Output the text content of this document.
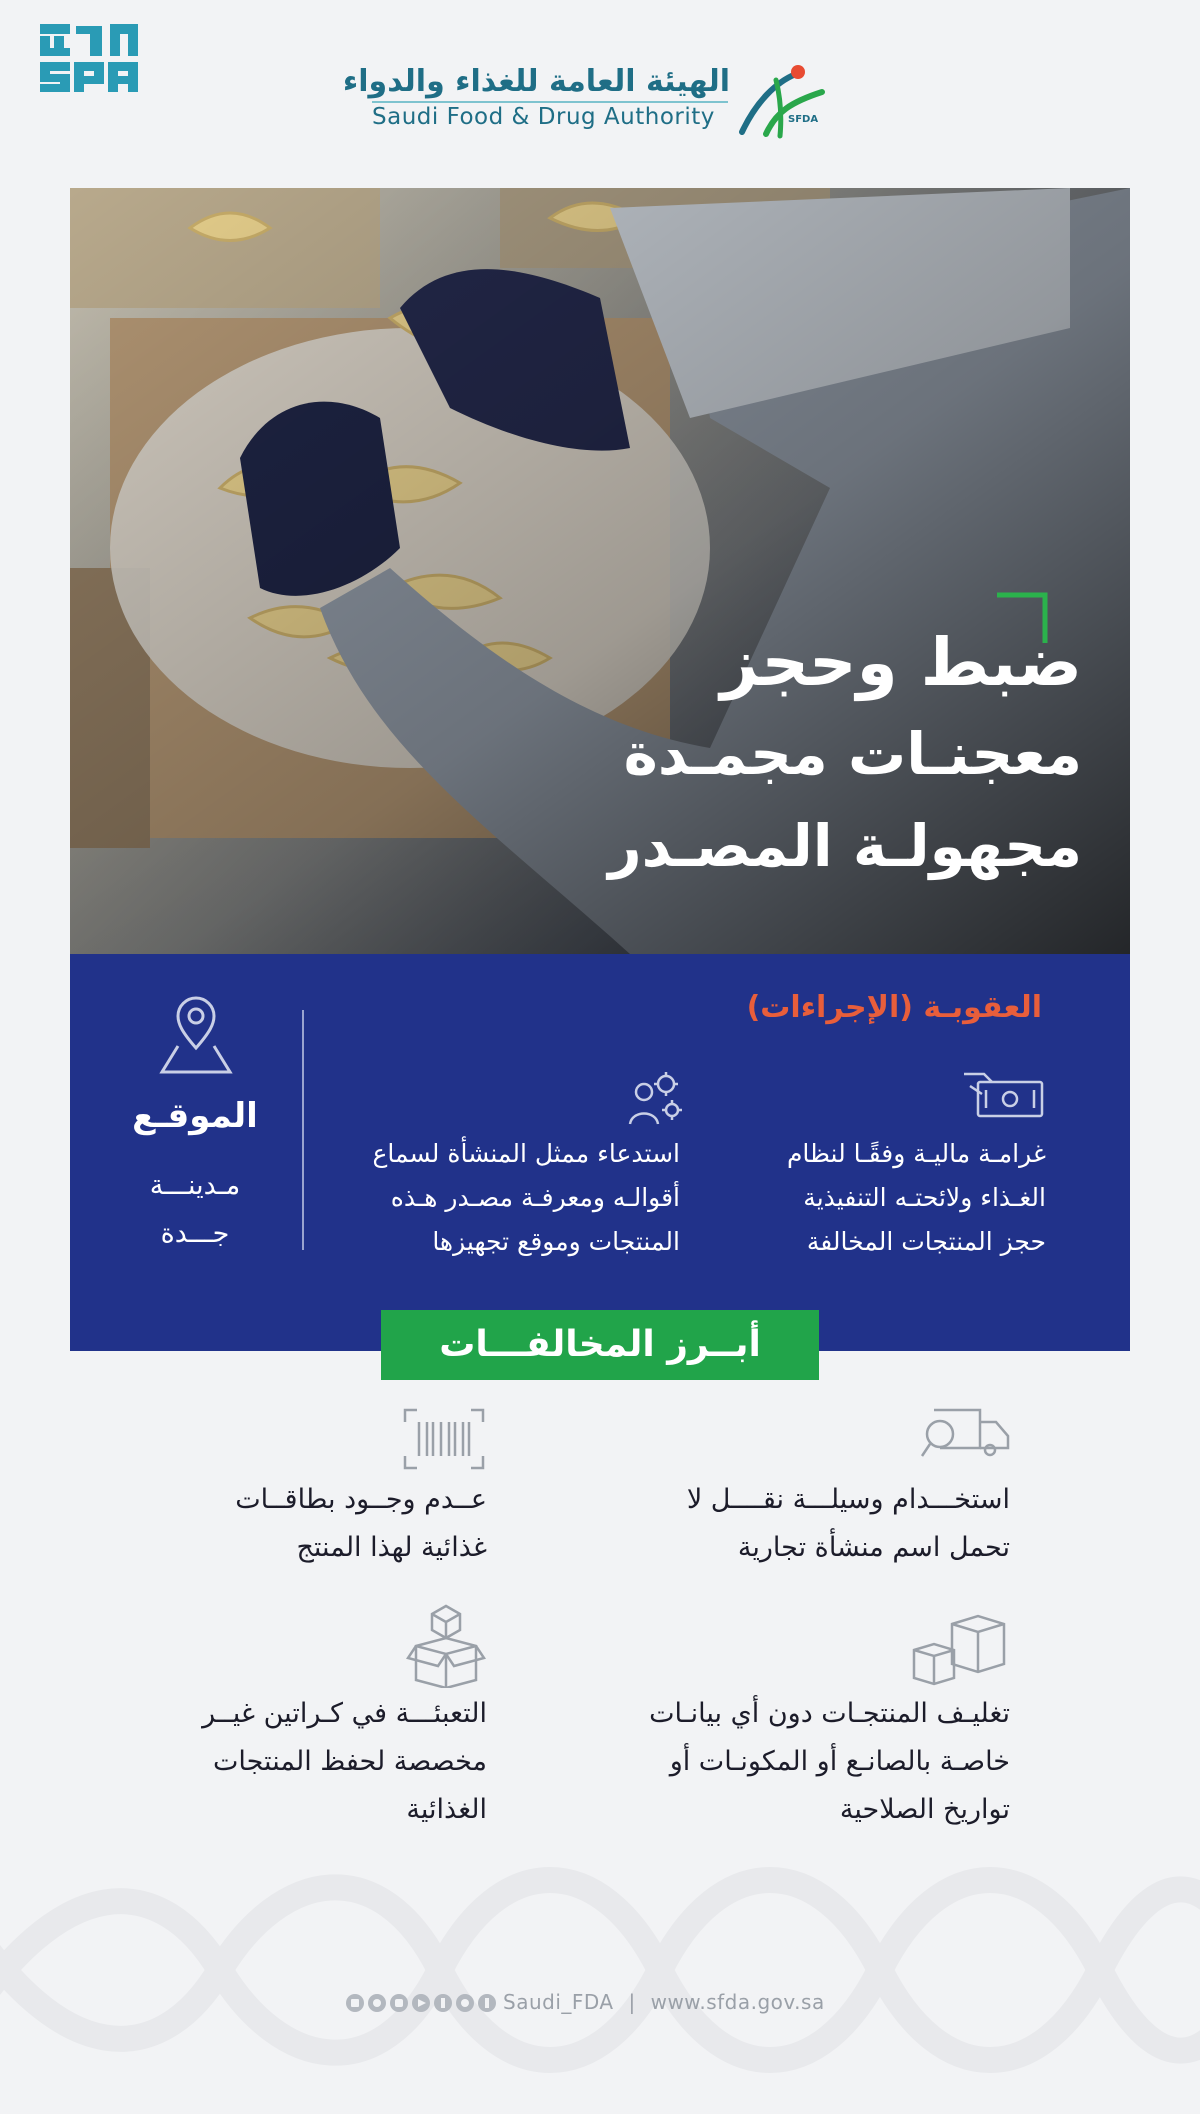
الهيئة العامة للغذاء والدواء
Saudi Food & Drug Authority	SFDA
ضبط وحجز
معجنـات مجمـدة
مجهولـة المصـدر
العقوبـة (الإجراءات)
غرامـة ماليـة وفقًـا لنظام
الغـذاء ولائحتـه التنفيذية
حجز المنتجات المخالفة
استدعاء ممثل المنشأة لسماع
أقوالـه ومعرفـة مصـدر هـذه
المنتجات وموقع تجهيزها
الموقـع
مـدينـــة
جـــدة
أبــرز المخالفـــات
استخـــدام وسيلـــة نقــــل لا
تحمل اسم منشأة تجارية
عــدم وجــود بطاقــات
غذائية لهذا المنتج
تغليـف المنتجـات دون أي بيانـات
خاصـة بالصانـع أو المكونـات أو
تواريخ الصلاحية
التعبئـــة في كـراتين غيــر
مخصصة لحفظ المنتجات
الغذائية
Saudi_FDA | www.sfda.gov.sa
